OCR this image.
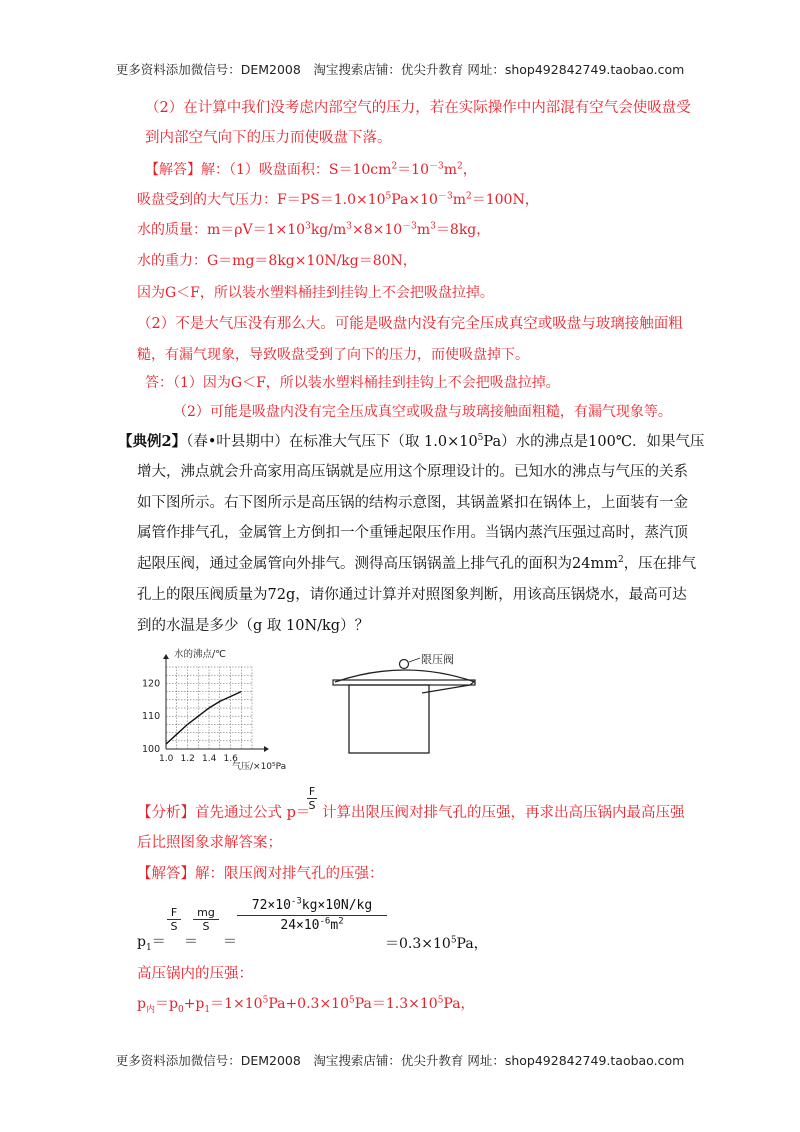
更多资料添加微信号：DEM2008　淘宝搜索店铺：优尖升教育 网址：shop492842749.taobao.com
（2）在计算中我们没考虑内部空气的压力，若在实际操作中内部混有空气会使吸盘受
到内部空气向下的压力而使吸盘下落。
【解答】解：（1）吸盘面积：$S=10cm^2=10^{-3}m^2$，
吸盘受到的大气压力：$F=PS=1.0\times 10^5Pa\times 10^{-3}m^2=100N$，
水的质量：$m=\rho V=1\times 10^3kg/m^3\times 8\times 10^{-3}m^3=8kg$，
水的重力：G＝mg＝8kg×10N/kg＝80N，
因为G＜F，所以装水塑料桶挂到挂钩上不会把吸盘拉掉。
（2）不是大气压没有那么大。可能是吸盘内没有完全压成真空或吸盘与玻璃接触面粗
糙，有漏气现象，导致吸盘受到了向下的压力，而使吸盘掉下。
答：（1）因为G＜F，所以装水塑料桶挂到挂钩上不会把吸盘拉掉。
（2）可能是吸盘内没有完全压成真空或吸盘与玻璃接触面粗糙，有漏气现象等。
【典例2】（春•叶县期中）在标准大气压下（取 $1.0\times 10^5Pa$）水的沸点是100℃．如果气压
增大，沸点就会升高家用高压锅就是应用这个原理设计的。已知水的沸点与气压的关系
如下图所示。右下图所示是高压锅的结构示意图，其锅盖紧扣在锅体上，上面装有一金
属管作排气孔，金属管上方倒扣一个重锤起限压作用。当锅内蒸汽压强过高时，蒸汽顶
起限压阀，通过金属管向外排气。测得高压锅锅盖上排气孔的面积为$24mm^2$，压在排气
孔上的限压阀质量为72g，请你通过计算并对照图象判断，用该高压锅烧水，最高可达
到的水温是多少（g 取 10N/kg）？
1.0 1.2 1.4 1.6
100
110
120
水的沸点/℃
气压/×10⁵Pa
限压阀
【分析】首先通过公式 p＝
F
S 计算出限压阀对排气孔的压强，再求出高压锅内最高压强
后比照图象求解答案；
【解答】解：限压阀对排气孔的压强：
$p_1=$
F
S
＝
mg
S
＝
$72\times 10^{-3}kg\times 10N/kg$
$24\times 10^{-6}m^2$
$=0.3\times 10^5Pa$，
高压锅内的压强：
$p_内=p_0+p_1=1\times 10^5Pa+0.3\times 10^5Pa=1.3\times 10^5Pa$，
更多资料添加微信号：DEM2008　淘宝搜索店铺：优尖升教育 网址：shop492842749.taobao.com
